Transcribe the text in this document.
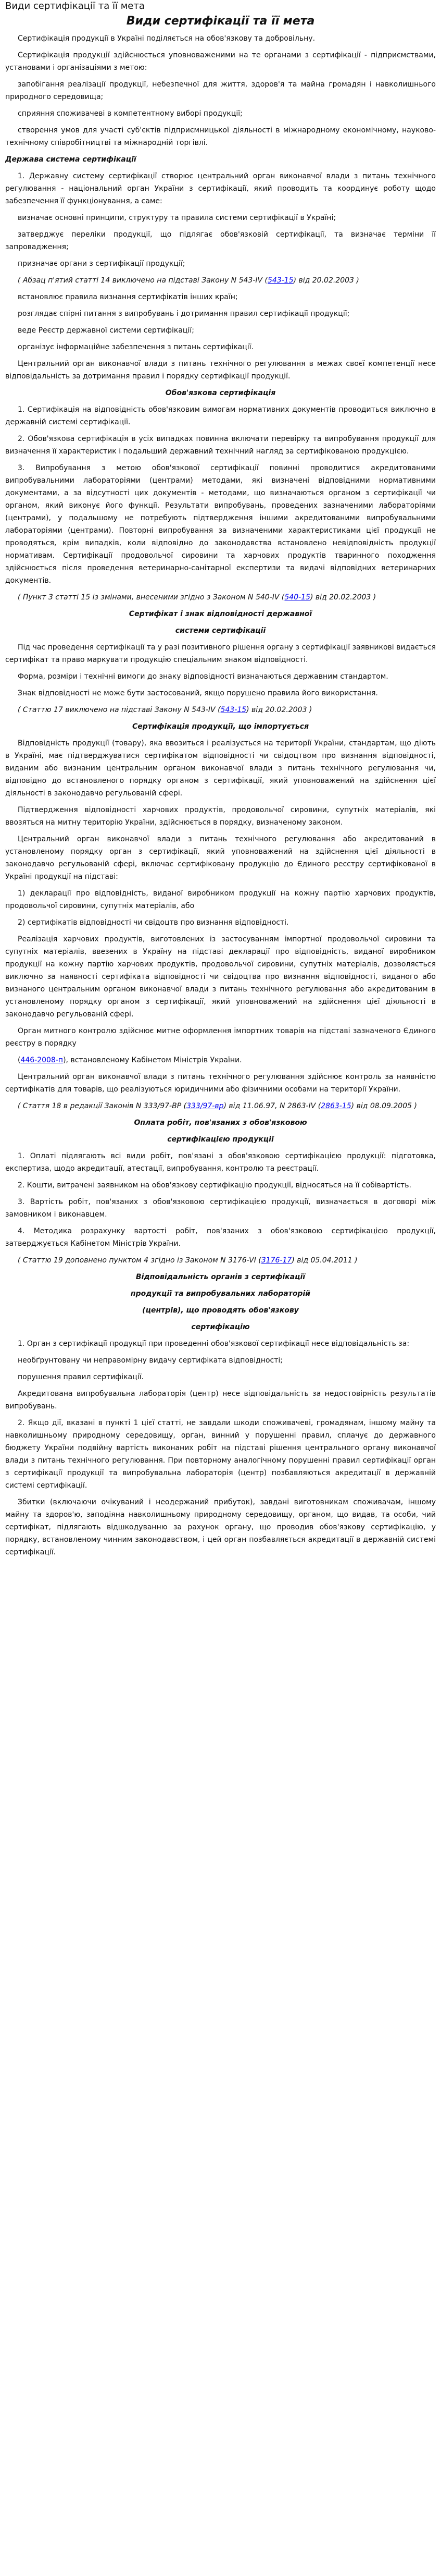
Види сертифікації та її мета
Види сертифікації та її мета

Сертифікація продукції в Україні поділяється на обов'язкову та добровільну.

Сертифікація продукції здійснюється уповноваженими на те органами з сертифікації - підприємствами, установами і організаціями з метою:

запобігання реалізації продукції, небезпечної для життя, здоров'я та майна громадян і навколишнього природного середовища;

сприяння споживачеві в компетентному виборі продукції;

створення умов для участі суб'єктів підприємницької діяльності в міжнародному економічному, науково-технічному співробітництві та міжнародній торгівлі.

Держава система сертифікації

1. Державну систему сертифікації створює центральний орган виконавчої влади з питань технічного регулювання - національний орган України з сертифікації, який проводить та координує роботу щодо забезпечення її функціонування, а саме:

визначає основні принципи, структуру та правила системи сертифікації в Україні;

затверджує переліки продукції, що підлягає обов'язковій сертифікації, та визначає терміни її запровадження;

призначає органи з сертифікації продукції;

( Абзац п'ятий статті 14 виключено на підставі Закону N 543-IV (543-15) від 20.02.2003 )

встановлює правила визнання сертифікатів інших країн;

розглядає спірні питання з випробувань і дотримання правил сертифікації продукції;

веде Реєстр державної системи сертифікації;

організує інформаційне забезпечення з питань сертифікації.

Центральний орган виконавчої влади з питань технічного регулювання в межах своєї компетенції несе відповідальність за дотримання правил і порядку сертифікації продукції.

Обов'язкова сертифікація

1. Сертифікація на відповідність обов'язковим вимогам нормативних документів проводиться виключно в державній системі сертифікації.

2. Обов'язкова сертифікація в усіх випадках повинна включати перевірку та випробування продукції для визначення її характеристик і подальший державний технічний нагляд за сертифікованою продукцією.

3. Випробування з метою обов'язкової сертифікації повинні проводитися акредитованими випробувальними лабораторіями (центрами) методами, які визначені відповідними нормативними документами, а за відсутності цих документів - методами, що визначаються органом з сертифікації чи органом, який виконує його функції. Результати випробувань, проведених зазначеними лабораторіями (центрами), у подальшому не потребують підтвердження іншими акредитованими випробувальними лабораторіями (центрами). Повторні випробування за визначеними характеристиками цієї продукції не проводяться, крім випадків, коли відповідно до законодавства встановлено невідповідність продукції нормативам. Сертифікації продовольчої сировини та харчових продуктів тваринного походження здійснюється після проведення ветеринарно-санітарної експертизи та видачі відповідних ветеринарних документів.

( Пункт 3 статті 15 із змінами, внесеними згідно з Законом N 540-IV (540-15) від 20.02.2003 )

Сертифікат і знак відповідності державної
системи сертифікації

Під час проведення сертифікації та у разі позитивного рішення органу з сертифікації заявникові видається сертифікат та право маркувати продукцію спеціальним знаком відповідності.

Форма, розміри і технічні вимоги до знаку відповідності визначаються державним стандартом.

Знак відповідності не може бути застосований, якщо порушено правила його використання.

( Статтю 17 виключено на підставі Закону N 543-IV (543-15) від 20.02.2003 )

Сертифікація продукції, що імпортується

Відповідність продукції (товару), яка ввозиться і реалізується на території України, стандартам, що діють в Україні, має підтверджуватися сертифікатом відповідності чи свідоцтвом про визнання відповідності, виданим або визнаним центральним органом виконавчої влади з питань технічного регулювання чи, відповідно до встановленого порядку органом з сертифікації, який уповноважений на здійснення цієї діяльності в законодавчо регульованій сфері.

Підтвердження відповідності харчових продуктів, продовольчої сировини, супутніх матеріалів, які ввозяться на митну територію України, здійснюється в порядку, визначеному законом.

Центральний орган виконавчої влади з питань технічного регулювання або акредитований в установленому порядку орган з сертифікації, який уповноважений на здійснення цієї діяльності в законодавчо регульованій сфері, включає сертифіковану продукцію до Єдиного реєстру сертифікованої в Україні продукції на підставі:

1) декларації про відповідність, виданої виробником продукції на кожну партію харчових продуктів, продовольчої сировини, супутніх матеріалів, або

2) сертифікатів відповідності чи свідоцтв про визнання відповідності.

Реалізація харчових продуктів, виготовлених із застосуванням імпортної продовольчої сировини та супутніх матеріалів, ввезених в Україну на підставі декларації про відповідність, виданої виробником продукції на кожну партію харчових продуктів, продовольчої сировини, супутніх матеріалів, дозволяється виключно за наявності сертифіката відповідності чи свідоцтва про визнання відповідності, виданого або визнаного центральним органом виконавчої влади з питань технічного регулювання або акредитованим в установленому порядку органом з сертифікації, який уповноважений на здійснення цієї діяльності в законодавчо регульованій сфері.

Орган митного контролю здійснює митне оформлення імпортних товарів на підставі зазначеного Єдиного реєстру в порядку

(446-2008-п), встановленому Кабінетом Міністрів України.

Центральний орган виконавчої влади з питань технічного регулювання здійснює контроль за наявністю сертифікатів для товарів, що реалізуються юридичними або фізичними особами на території України.

( Стаття 18 в редакції Законів N 333/97-ВР (333/97-вр) від 11.06.97, N 2863-IV (2863-15) від 08.09.2005 )

Оплата робіт, пов'язаних з обов'язковою
сертифікацією продукції

1. Оплаті підлягають всі види робіт, пов'язані з обов'язковою сертифікацією продукції: підготовка, експертиза, щодо акредитації, атестації, випробування, контролю та реєстрації.

2. Кошти, витрачені заявником на обов'язкову сертифікацію продукції, відносяться на її собівартість.

3. Вартість робіт, пов'язаних з обов'язковою сертифікацією продукції, визначається в договорі між замовником і виконавцем.

4. Методика розрахунку вартості робіт, пов'язаних з обов'язковою сертифікацією продукції, затверджується Кабінетом Міністрів України.

( Статтю 19 доповнено пунктом 4 згідно із Законом N 3176-VI (3176-17) від 05.04.2011 )

Відповідальність органів з сертифікації
продукції та випробувальних лабораторій
(центрів), що проводять обов'язкову
сертифікацію

1. Орган з сертифікації продукції при проведенні обов'язкової сертифікації несе відповідальність за:

необґрунтовану чи неправомірну видачу сертифіката відповідності;

порушення правил сертифікації.

Акредитована випробувальна лабораторія (центр) несе відповідальність за недостовірність результатів випробувань.

2. Якщо дії, вказані в пункті 1 цієї статті, не завдали шкоди споживачеві, громадянам, іншому майну та навколишньому природному середовищу, орган, винний у порушенні правил, сплачує до державного бюджету України подвійну вартість виконаних робіт на підставі рішення центрального органу виконавчої влади з питань технічного регулювання. При повторному аналогічному порушенні правил сертифікації орган з сертифікації продукції та випробувальна лабораторія (центр) позбавляються акредитації в державній системі сертифікації.

Збитки (включаючи очікуваний і неодержаний прибуток), завдані виготовникам споживачам, іншому майну та здоров'ю, заподіяна навколишньому природному середовищу, органом, що видав, та особи, чий сертифікат, підлягають відшкодуванню за рахунок органу, що проводив обов'язкову сертифікацію, у порядку, встановленому чинним законодавством, і цей орган позбавляється акредитації в державній системі сертифікації.
